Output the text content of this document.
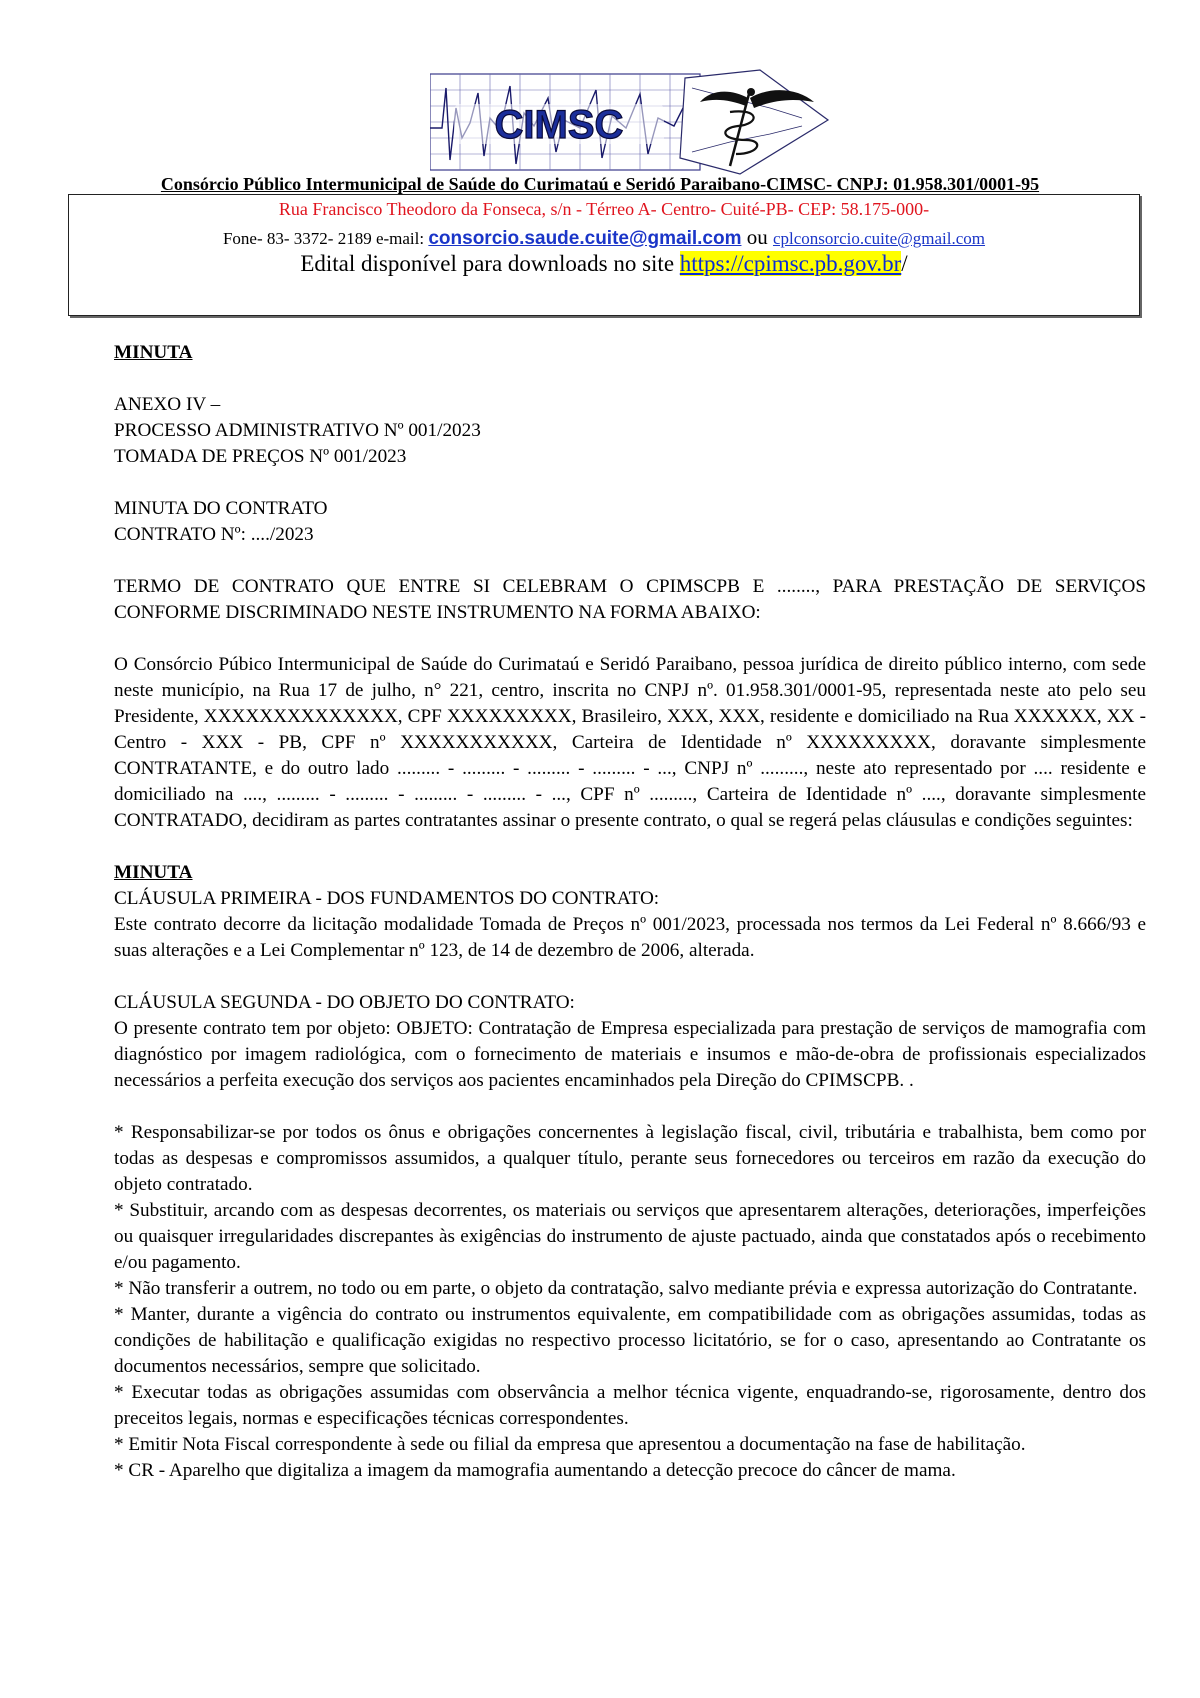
CIMSC
Consórcio Público Intermunicipal de Saúde do Curimataú e Seridó Paraibano-CIMSC- CNPJ: 01.958.301/0001-95
Rua Francisco Theodoro da Fonseca, s/n - Térreo A- Centro- Cuité-PB- CEP: 58.175-000-
Fone- 83- 3372- 2189 e-mail: consorcio.saude.cuite@gmail.com ou cplconsorcio.cuite@gmail.com
Edital disponível para downloads no site https://cpimsc.pb.gov.br/

MINUTA

ANEXO IV –

PROCESSO ADMINISTRATIVO Nº 001/2023

TOMADA DE PREÇOS Nº 001/2023

MINUTA DO CONTRATO

CONTRATO Nº: ..../2023

TERMO DE CONTRATO QUE ENTRE SI CELEBRAM O CPIMSCPB E ........, PARA PRESTAÇÃO DE SERVIÇOS CONFORME DISCRIMINADO NESTE INSTRUMENTO NA FORMA ABAIXO:

O Consórcio Púbico Intermunicipal de Saúde do Curimataú e Seridó Paraibano, pessoa jurídica de direito público interno, com sede neste município, na Rua 17 de julho, n° 221, centro, inscrita no CNPJ nº. 01.958.301/0001-95, representada neste ato pelo seu Presidente, XXXXXXXXXXXXXX, CPF XXXXXXXXX, Brasileiro, XXX, XXX, residente e domiciliado na Rua XXXXXX, XX - Centro - XXX - PB, CPF nº XXXXXXXXXXX, Carteira de Identidade nº XXXXXXXXX, doravante simplesmente CONTRATANTE, e do outro lado ......... - ......... - ......... - ......... - ..., CNPJ nº ........., neste ato representado por .... residente e domiciliado na ...., ......... - ......... - ......... - ......... - ..., CPF nº ........., Carteira de Identidade nº ...., doravante simplesmente CONTRATADO, decidiram as partes contratantes assinar o presente contrato, o qual se regerá pelas cláusulas e condições seguintes:

MINUTA

CLÁUSULA PRIMEIRA - DOS FUNDAMENTOS DO CONTRATO:

Este contrato decorre da licitação modalidade Tomada de Preços nº 001/2023, processada nos termos da Lei Federal nº 8.666/93 e suas alterações e a Lei Complementar nº 123, de 14 de dezembro de 2006, alterada.

CLÁUSULA SEGUNDA - DO OBJETO DO CONTRATO:

O presente contrato tem por objeto: OBJETO: Contratação de Empresa especializada para prestação de serviços de mamografia com diagnóstico por imagem radiológica, com o fornecimento de materiais e insumos e mão-de-obra de profissionais especializados necessários a perfeita execução dos serviços aos pacientes encaminhados pela Direção do CPIMSCPB. .

* Responsabilizar-se por todos os ônus e obrigações concernentes à legislação fiscal, civil, tributária e trabalhista, bem como por todas as despesas e compromissos assumidos, a qualquer título, perante seus fornecedores ou terceiros em razão da execução do objeto contratado.

* Substituir, arcando com as despesas decorrentes, os materiais ou serviços que apresentarem alterações, deteriorações, imperfeições ou quaisquer irregularidades discrepantes às exigências do instrumento de ajuste pactuado, ainda que constatados após o recebimento e/ou pagamento.

* Não transferir a outrem, no todo ou em parte, o objeto da contratação, salvo mediante prévia e expressa autorização do Contratante.

* Manter, durante a vigência do contrato ou instrumentos equivalente, em compatibilidade com as obrigações assumidas, todas as condições de habilitação e qualificação exigidas no respectivo processo licitatório, se for o caso, apresentando ao Contratante os documentos necessários, sempre que solicitado.

* Executar todas as obrigações assumidas com observância a melhor técnica vigente, enquadrando-se, rigorosamente, dentro dos preceitos legais, normas e especificações técnicas correspondentes.

* Emitir Nota Fiscal correspondente à sede ou filial da empresa que apresentou a documentação na fase de habilitação.

* CR - Aparelho que digitaliza a imagem da mamografia aumentando a detecção precoce do câncer de mama.
